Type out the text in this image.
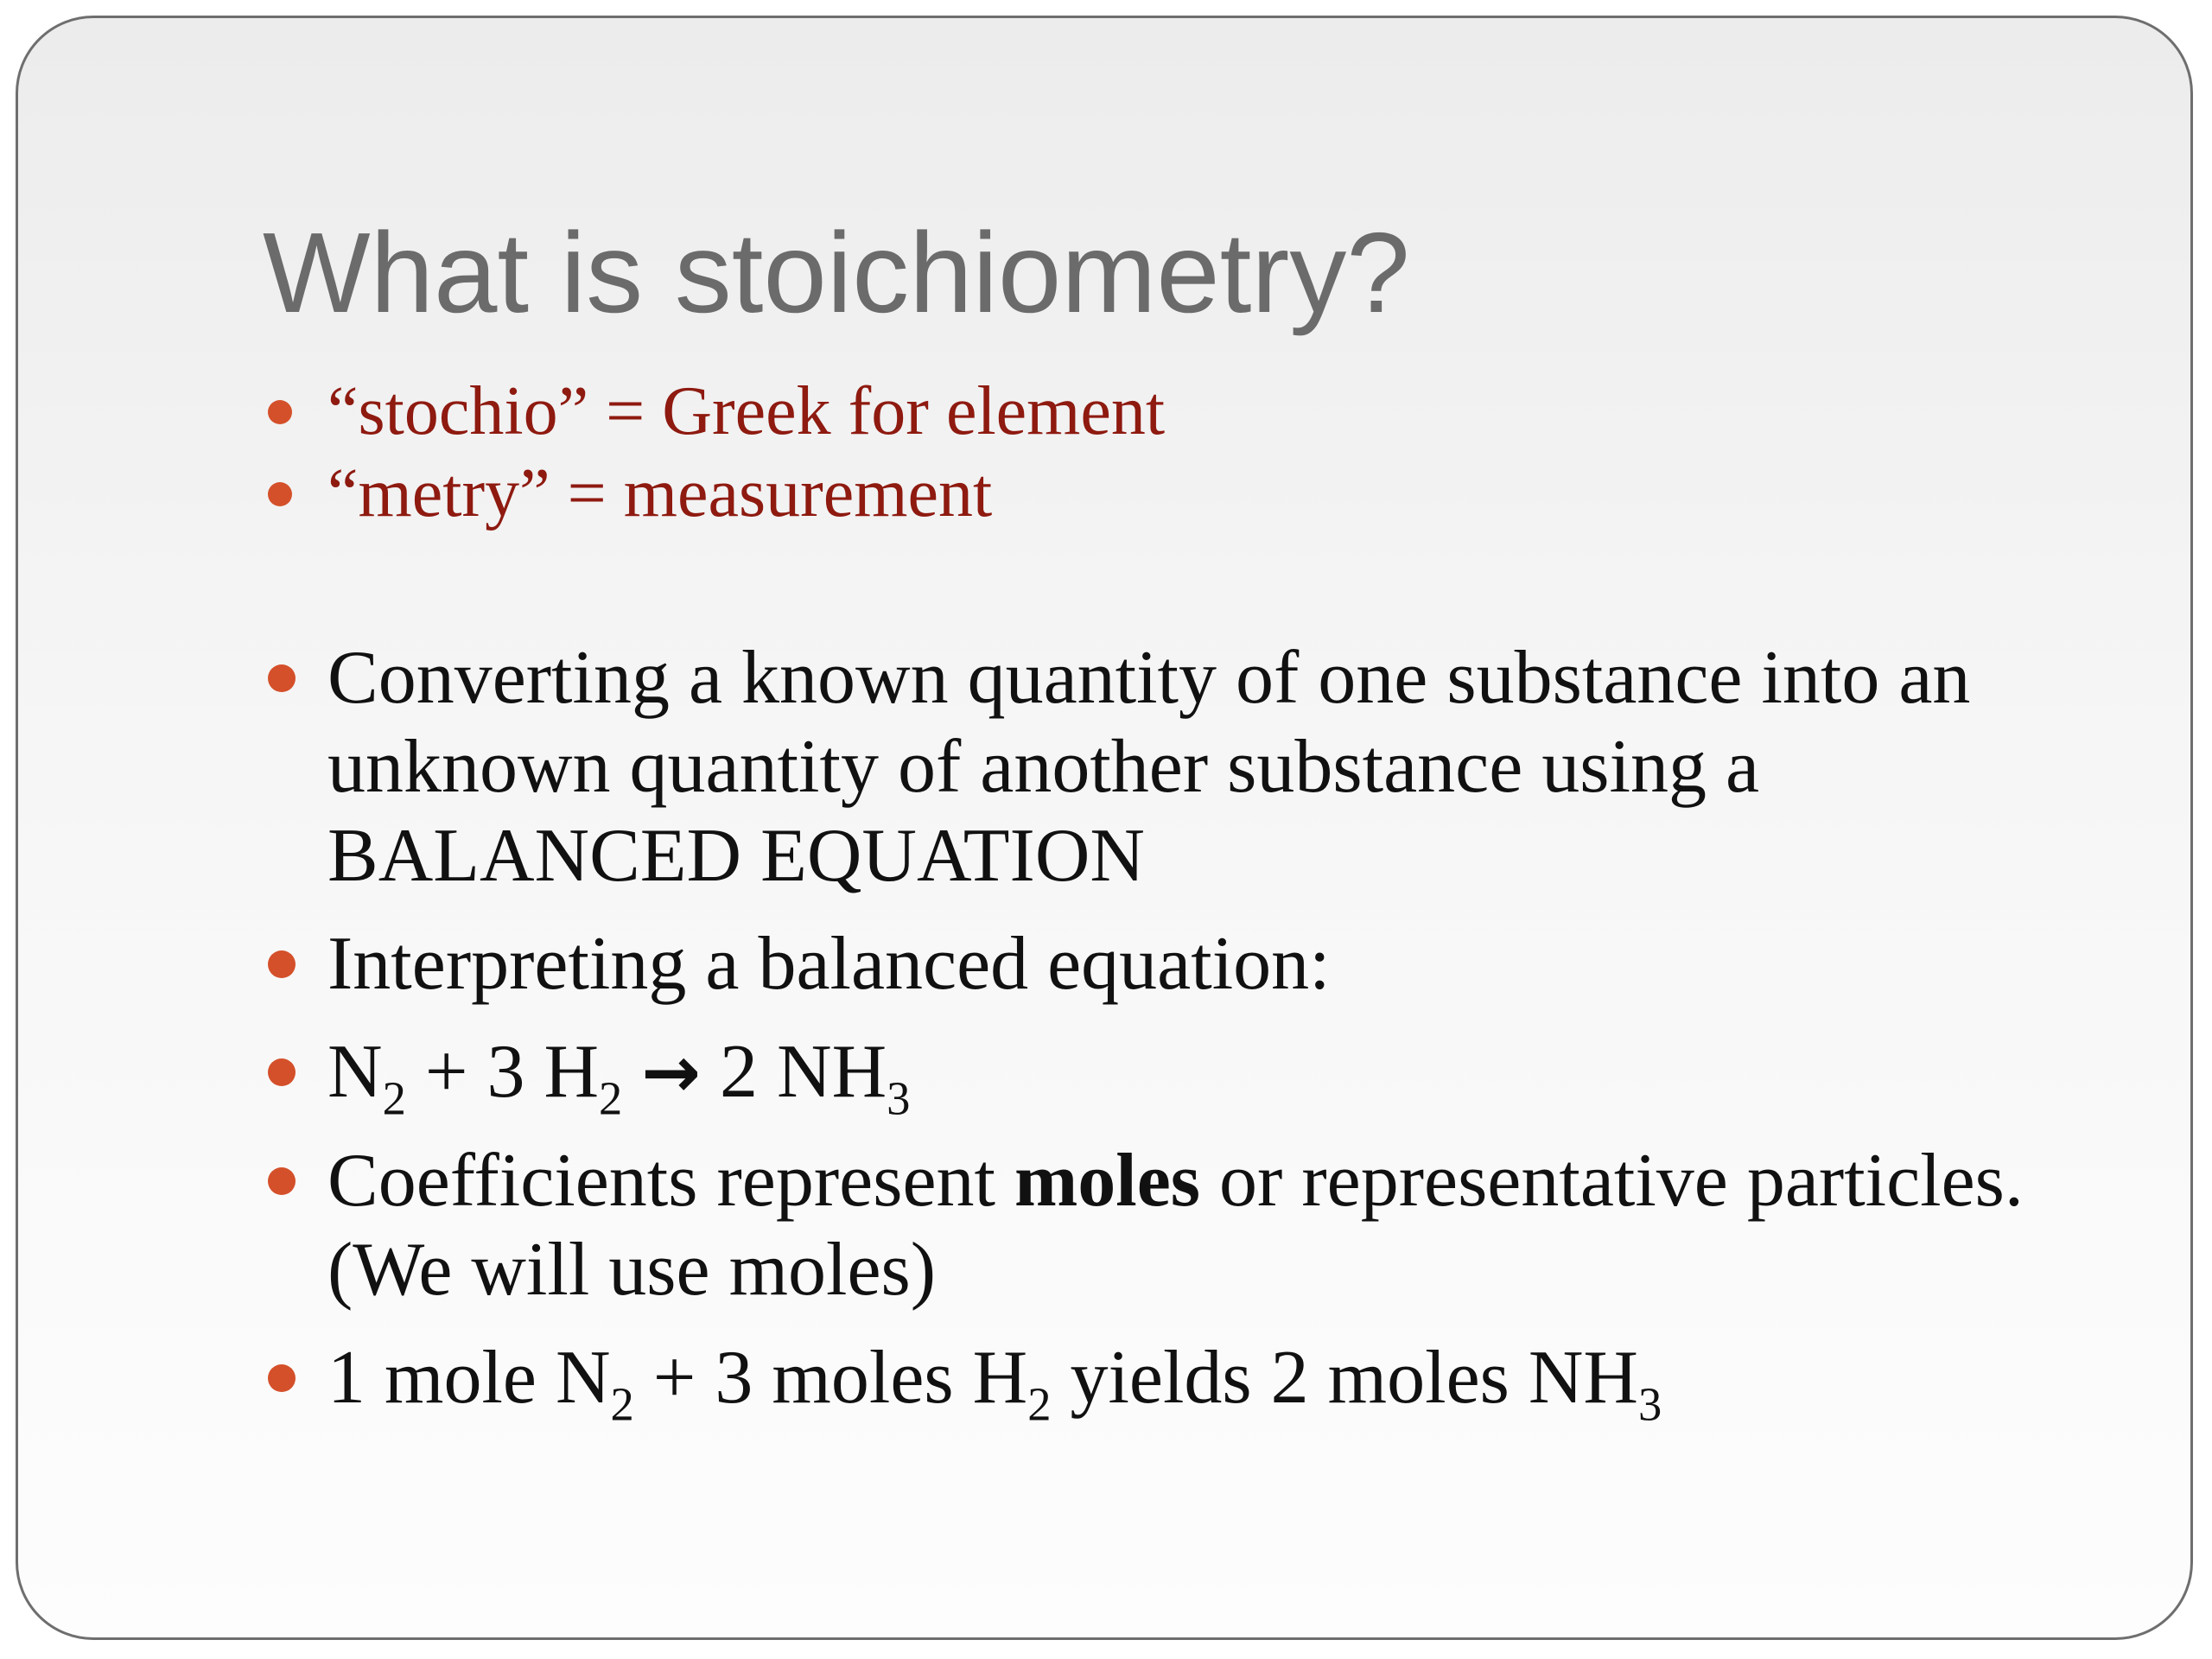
What is stoichiometry?
“stochio” = Greek for element
“metry” = measurement
Converting a known quantity of one substance into an unknown quantity of another substance using a BALANCED EQUATION
Interpreting a balanced equation:
$N_2 + 3$ $H_2 \to 2$ $NH_3$
Coefficients represent moles or representative particles.  (We will use moles)
1 mole $N_2 + 3$ moles $H_2$ yields 2 moles $NH_3$
